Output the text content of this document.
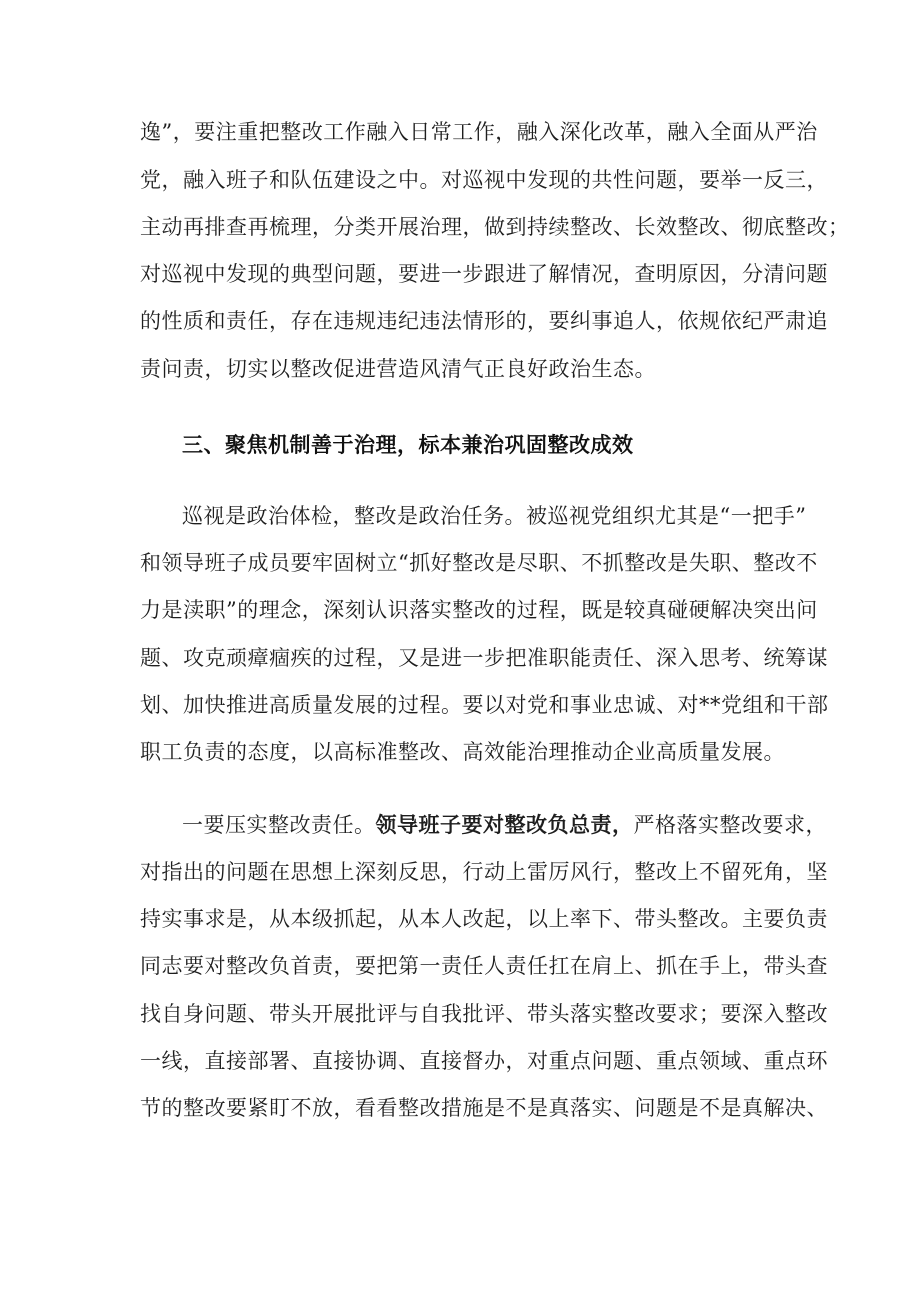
逸”，要注重把整改工作融入日常工作，融入深化改革，融入全面从严治
党，融入班子和队伍建设之中。对巡视中发现的共性问题，要举一反三，
主动再排查再梳理，分类开展治理，做到持续整改、长效整改、彻底整改；
对巡视中发现的典型问题，要进一步跟进了解情况，查明原因，分清问题
的性质和责任，存在违规违纪违法情形的，要纠事追人，依规依纪严肃追
责问责，切实以整改促进营造风清气正良好政治生态。
三、聚焦机制善于治理，标本兼治巩固整改成效
巡视是政治体检，整改是政治任务。被巡视党组织尤其是“一把手”
和领导班子成员要牢固树立“抓好整改是尽职、不抓整改是失职、整改不
力是渎职”的理念，深刻认识落实整改的过程，既是较真碰硬解决突出问
题、攻克顽瘴痼疾的过程，又是进一步把准职能责任、深入思考、统筹谋
划、加快推进高质量发展的过程。要以对党和事业忠诚、对**党组和干部
职工负责的态度，以高标准整改、高效能治理推动企业高质量发展。
一要压实整改责任。领导班子要对整改负总责，严格落实整改要求，
对指出的问题在思想上深刻反思，行动上雷厉风行，整改上不留死角，坚
持实事求是，从本级抓起，从本人改起，以上率下、带头整改。主要负责
同志要对整改负首责，要把第一责任人责任扛在肩上、抓在手上，带头查
找自身问题、带头开展批评与自我批评、带头落实整改要求；要深入整改
一线，直接部署、直接协调、直接督办，对重点问题、重点领域、重点环
节的整改要紧盯不放，看看整改措施是不是真落实、问题是不是真解决、
